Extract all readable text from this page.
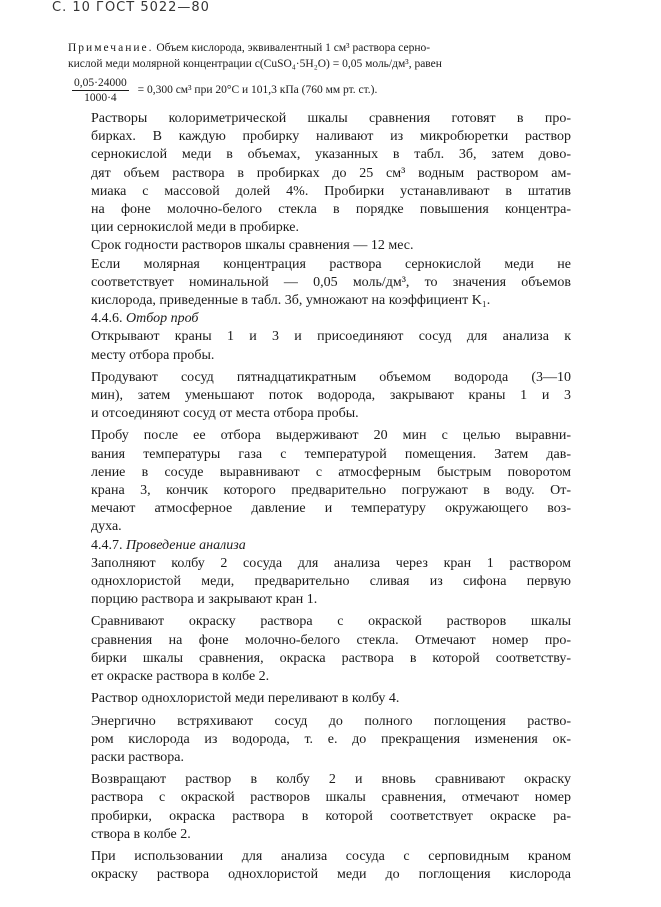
С. 10 ГОСТ 5022—80
Примечание. Объем кислорода, эквивалентный 1 см³ раствора серно-
кислой меди молярной концентрации c(CuSO₄·5H₂O) = 0,05 моль/дм³, равен
$\frac{0,05\cdot 24000}{1000\cdot 4} = 0,300$ см³ при 20°С и 101,3 кПа (760 мм рт. ст.).

Растворы колориметрической шкалы сравнения готовят в про-
бирках. В каждую пробирку наливают из микробюретки раствор
сернокислой меди в объемах, указанных в табл. 3б, затем дово-
дят объем раствора в пробирках до 25 см³ водным раствором ам-
миака с массовой долей 4%. Пробирки устанавливают в штатив
на фоне молочно-белого стекла в порядке повышения концентра-
ции сернокислой меди в пробирке.

Срок годности растворов шкалы сравнения — 12 мес.

Если молярная концентрация раствора сернокислой меди не
соответствует номинальной — 0,05 моль/дм³, то значения объемов
кислорода, приведенные в табл. 3б, умножают на коэффициент K₁.

4.4.6. Отбор проб

Открывают краны 1 и 3 и присоединяют сосуд для анализа к
месту отбора пробы.

Продувают сосуд пятнадцатикратным объемом водорода (3—10
мин), затем уменьшают поток водорода, закрывают краны 1 и 3
и отсоединяют сосуд от места отбора пробы.

Пробу после ее отбора выдерживают 20 мин с целью выравни-
вания температуры газа с температурой помещения. Затем дав-
ление в сосуде выравнивают с атмосферным быстрым поворотом
крана 3, кончик которого предварительно погружают в воду. От-
мечают атмосферное давление и температуру окружающего воз-
духа.

4.4.7. Проведение анализа

Заполняют колбу 2 сосуда для анализа через кран 1 раствором
однохлористой меди, предварительно сливая из сифона первую
порцию раствора и закрывают кран 1.

Сравнивают окраску раствора с окраской растворов шкалы
сравнения на фоне молочно-белого стекла. Отмечают номер про-
бирки шкалы сравнения, окраска раствора в которой соответству-
ет окраске раствора в колбе 2.

Раствор однохлористой меди переливают в колбу 4.

Энергично встряхивают сосуд до полного поглощения раство-
ром кислорода из водорода, т. е. до прекращения изменения ок-
раски раствора.

Возвращают раствор в колбу 2 и вновь сравнивают окраску
раствора с окраской растворов шкалы сравнения, отмечают номер
пробирки, окраска раствора в которой соответствует окраске ра-
створа в колбе 2.

При использовании для анализа сосуда с серповидным краном
окраску раствора однохлористой меди до поглощения кислорода
